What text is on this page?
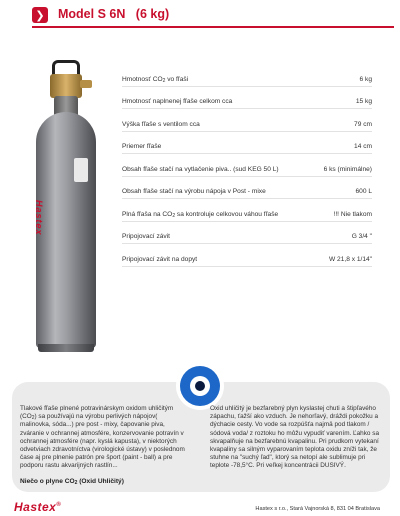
❯ Model S 6N   (6 kg)
Hastex
Hmotnosť $CO_2$ vo fľaši	6 kg
Hmotnosť naplnenej fľaše celkom cca	15 kg
Výška fľaše s ventilom cca	79 cm
Priemer fľaše	14 cm
Obsah fľaše stačí na vytlačenie piva.. (sud KEG 50 L)	6 ks (minimálne)
Obsah fľaše stačí na výrobu nápoja v Post - mixe	600 L
Plná fľaša na $CO_2$ sa kontroluje celkovou váhou fľaše	!!! Nie tlakom
Pripojovací závit	G 3/4 "
Pripojovací závit na dopyt	W 21,8 x 1/14"
Tlakové fľaše plnené potravinárskym oxidom uhličitým $(CO_2)$ sa používajú na výrobu perlivých nápojov( malinovka, sóda...) pre post - mixy, čapovanie piva, zváranie v ochrannej atmosfére, konzervovanie potravín v ochrannej atmosfére (napr. kyslá kapusta), v niektorých odvetviach zdravotníctva (virologické ústavy) v poslednom čase aj pre plnenie patrón pre šport (paint - ball) a pre podporu rastu akvarijných rastlín...
Oxid uhličitý je bezfarebný plyn kyslastej chuti a štipľavého zápachu, ťažší ako vzduch. Je nehorľavý, dráždi pokožku a dýchacie cesty. Vo vode sa rozpúšťa najmä pod tlakom / sódová voda/ z roztoku ho môžu vypudiť varením. Ľahko sa skvapalňuje na bezfarebnú kvapalinu. Pri prudkom vytekaní kvapaliny sa silným vyparovaním teplota oxidu zníži tak, že stuhne na "suchý ľad", ktorý sa netopí ale sublimuje pri teplote -78,5°C. Pri veľkej koncentrácii DUSIVÝ.
Niečo o plyne $CO_2$ (Oxid Uhličitý)
Hastex®
Hastex s r.o., Stará Vajnorská 8, 831 04 Bratislava
